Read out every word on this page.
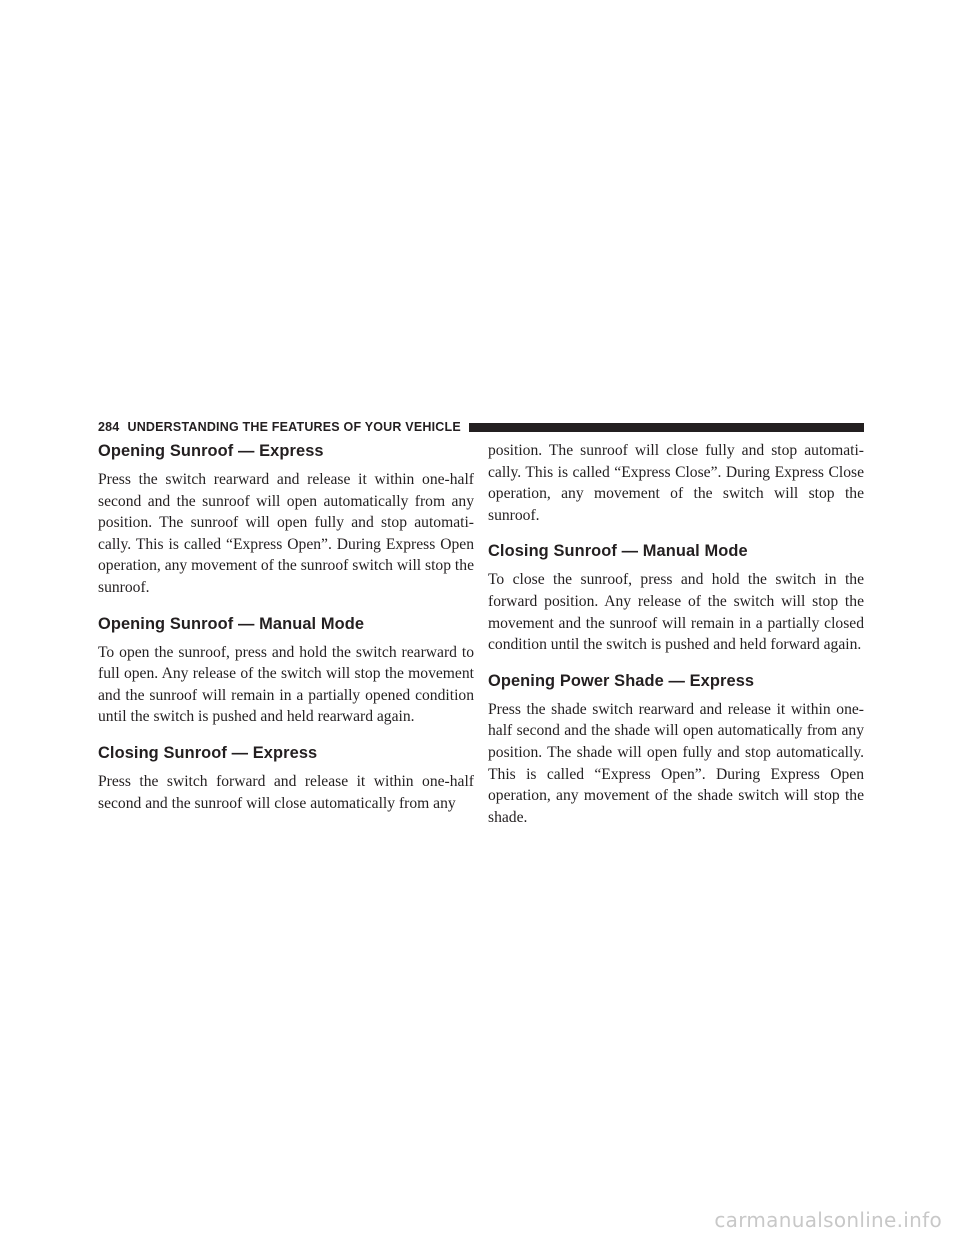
284 UNDERSTANDING THE FEATURES OF YOUR VEHICLE
Opening Sunroof — Express

Press the switch rearward and release it within one-half second and the sunroof will open automatically from any position. The sunroof will open fully and stop automati-cally. This is called “Express Open”. During Express Open operation, any movement of the sunroof switch will stop the sunroof.

Opening Sunroof — Manual Mode

To open the sunroof, press and hold the switch rearward to full open. Any release of the switch will stop the movement and the sunroof will remain in a partially opened condition until the switch is pushed and held rearward again.

Closing Sunroof — Express

Press the switch forward and release it within one-half second and the sunroof will close automatically from any

position. The sunroof will close fully and stop automati-cally. This is called “Express Close”. During Express Close operation, any movement of the switch will stop the sunroof.

Closing Sunroof — Manual Mode

To close the sunroof, press and hold the switch in the forward position. Any release of the switch will stop the movement and the sunroof will remain in a partially closed condition until the switch is pushed and held forward again.

Opening Power Shade — Express

Press the shade switch rearward and release it within one-half second and the shade will open automatically from any position. The shade will open fully and stop automatically. This is called “Express Open”. During Express Open operation, any movement of the shade switch will stop the shade.

carmanualsonline.info
